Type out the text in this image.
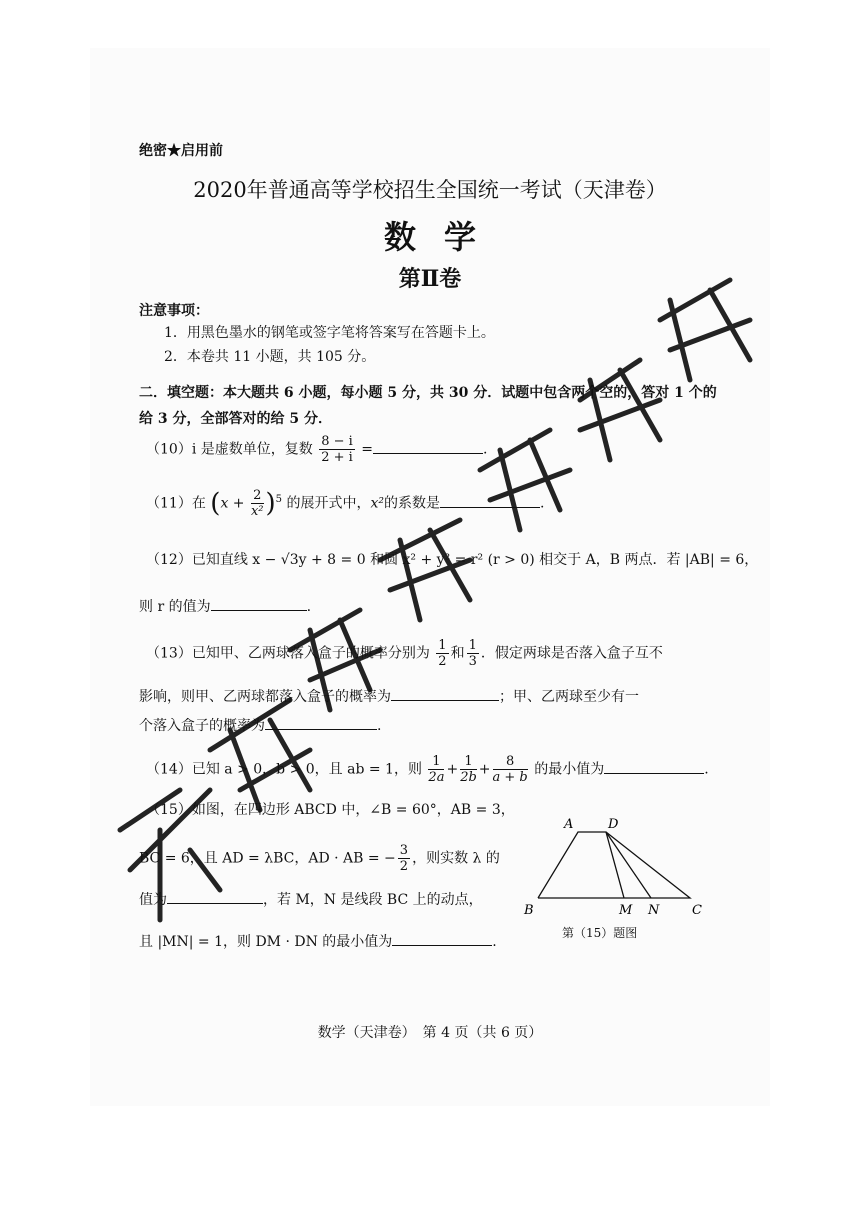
绝密★启用前
2020年普通高等学校招生全国统一考试（天津卷）
数学
第Ⅱ卷
注意事项：
1．用黑色墨水的钢笔或签字笔将答案写在答题卡上。
2．本卷共 11 小题，共 105 分。
二．填空题：本大题共 6 小题，每小题 5 分，共 30 分．试题中包含两个空的，答对 1 个的给 3 分，全部答对的给 5 分．
（10）i 是虚数单位，复数 $\frac{8 - i}{2 + i}$ =	.
（11）在 $(x + \frac{2}{\text{x²}} )^5$ 的展开式中，x²的系数是	.
（12）已知直线 x − √3y + 8 = 0 和圆 x² + y² = r² (r > 0) 相交于 A，B 两点．若 |AB| = 6，
则 r 的值为	.
（13）已知甲、乙两球落入盒子的概率分别为 $\frac{1}{2}$ 和 $\frac{1}{3}$ ．假定两球是否落入盒子互不
影响，则甲、乙两球都落入盒子的概率为	；甲、乙两球至少有一
个落入盒子的概率为	.
（14）已知 a > 0，b > 0，且 ab = 1，则 $\frac{1}{2a} + \frac{1}{2b} + \frac{8}{a + b}$ 的最小值为	.
（15）如图，在四边形 ABCD 中，∠B = 60°，AB = 3，
BC = 6，且 AD = λBC，AD · AB = − $\frac{3}{2}$ ，则实数 λ 的
值为	，若 M，N 是线段 BC 上的动点，
且 |MN| = 1，则 DM · DN 的最小值为	.
A	D
B	M N	C
第（15）题图
数学（天津卷）　第 4 页（共 6 页）
